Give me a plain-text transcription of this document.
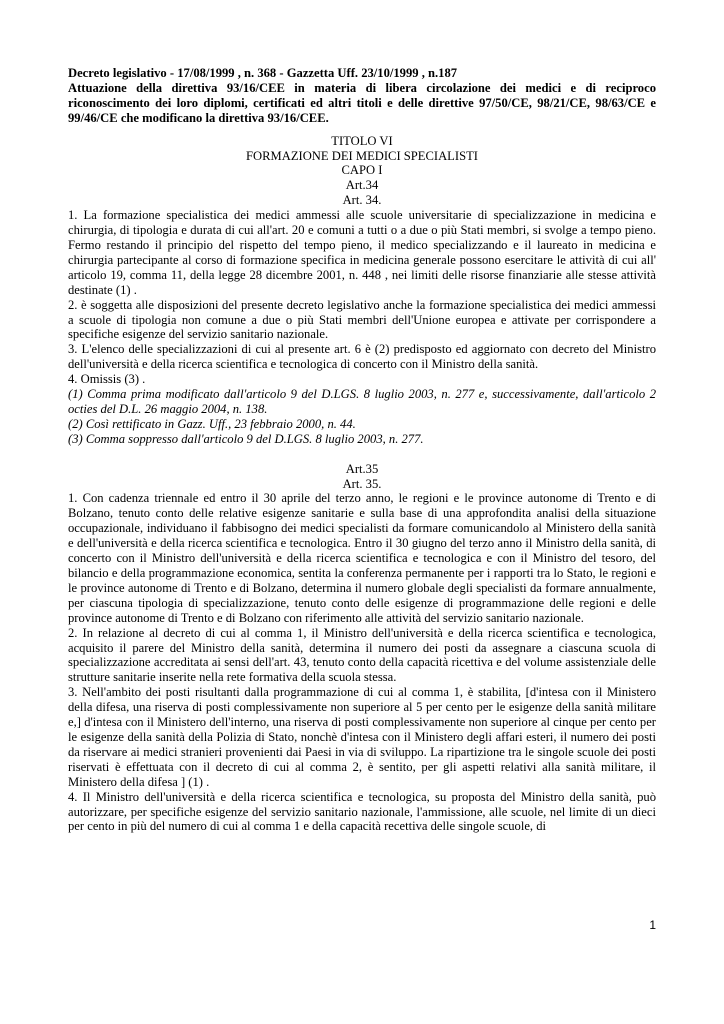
Decreto legislativo - 17/08/1999 , n. 368 - Gazzetta Uff. 23/10/1999 , n.187
Attuazione della direttiva 93/16/CEE in materia di libera circolazione dei medici e di reciproco riconoscimento dei loro diplomi, certificati ed altri titoli e delle direttive 97/50/CE, 98/21/CE, 98/63/CE e 99/46/CE che modificano la direttiva 93/16/CEE.
TITOLO VI
FORMAZIONE DEI MEDICI SPECIALISTI
CAPO I
Art.34
Art. 34.
1. La formazione specialistica dei medici ammessi alle scuole universitarie di specializzazione in medicina e chirurgia, di tipologia e durata di cui all'art. 20 e comuni a tutti o a due o più Stati membri, si svolge a tempo pieno. Fermo restando il principio del rispetto del tempo pieno, il medico specializzando e il laureato in medicina e chirurgia partecipante al corso di formazione specifica in medicina generale possono esercitare le attività di cui all' articolo 19, comma 11, della legge 28 dicembre 2001, n. 448 , nei limiti delle risorse finanziarie alle stesse attività destinate (1) .
2. è soggetta alle disposizioni del presente decreto legislativo anche la formazione specialistica dei medici ammessi a scuole di tipologia non comune a due o più Stati membri dell'Unione europea e attivate per corrispondere a specifiche esigenze del servizio sanitario nazionale.
3. L'elenco delle specializzazioni di cui al presente art. 6 è (2) predisposto ed aggiornato con decreto del Ministro dell'università e della ricerca scientifica e tecnologica di concerto con il Ministro della sanità.
4. Omissis (3) .
(1) Comma prima modificato dall'articolo 9 del D.LGS. 8 luglio 2003, n. 277 e, successivamente, dall'articolo 2 octies del D.L. 26 maggio 2004, n. 138.
(2) Così rettificato in Gazz. Uff., 23 febbraio 2000, n. 44.
(3) Comma soppresso dall'articolo 9 del D.LGS. 8 luglio 2003, n. 277.
Art.35
Art. 35.
1. Con cadenza triennale ed entro il 30 aprile del terzo anno, le regioni e le province autonome di Trento e di Bolzano, tenuto conto delle relative esigenze sanitarie e sulla base di una approfondita analisi della situazione occupazionale, individuano il fabbisogno dei medici specialisti da formare comunicandolo al Ministero della sanità e dell'università e della ricerca scientifica e tecnologica. Entro il 30 giugno del terzo anno il Ministro della sanità, di concerto con il Ministro dell'università e della ricerca scientifica e tecnologica e con il Ministro del tesoro, del bilancio e della programmazione economica, sentita la conferenza permanente per i rapporti tra lo Stato, le regioni e le province autonome di Trento e di Bolzano, determina il numero globale degli specialisti da formare annualmente, per ciascuna tipologia di specializzazione, tenuto conto delle esigenze di programmazione delle regioni e delle province autonome di Trento e di Bolzano con riferimento alle attività del servizio sanitario nazionale.
2. In relazione al decreto di cui al comma 1, il Ministro dell'università e della ricerca scientifica e tecnologica, acquisito il parere del Ministro della sanità, determina il numero dei posti da assegnare a ciascuna scuola di specializzazione accreditata ai sensi dell'art. 43, tenuto conto della capacità ricettiva e del volume assistenziale delle strutture sanitarie inserite nella rete formativa della scuola stessa.
3. Nell'ambito dei posti risultanti dalla programmazione di cui al comma 1, è stabilita, [d'intesa con il Ministero della difesa, una riserva di posti complessivamente non superiore al 5 per cento per le esigenze della sanità militare e,] d'intesa con il Ministero dell'interno, una riserva di posti complessivamente non superiore al cinque per cento per le esigenze della sanità della Polizia di Stato, nonchè d'intesa con il Ministero degli affari esteri, il numero dei posti da riservare ai medici stranieri provenienti dai Paesi in via di sviluppo. La ripartizione tra le singole scuole dei posti riservati è effettuata con il decreto di cui al comma 2, è sentito, per gli aspetti relativi alla sanità militare, il Ministero della difesa ] (1) .
4. Il Ministro dell'università e della ricerca scientifica e tecnologica, su proposta del Ministro della sanità, può autorizzare, per specifiche esigenze del servizio sanitario nazionale, l'ammissione, alle scuole, nel limite di un dieci per cento in più del numero di cui al comma 1 e della capacità recettiva delle singole scuole, di
1
